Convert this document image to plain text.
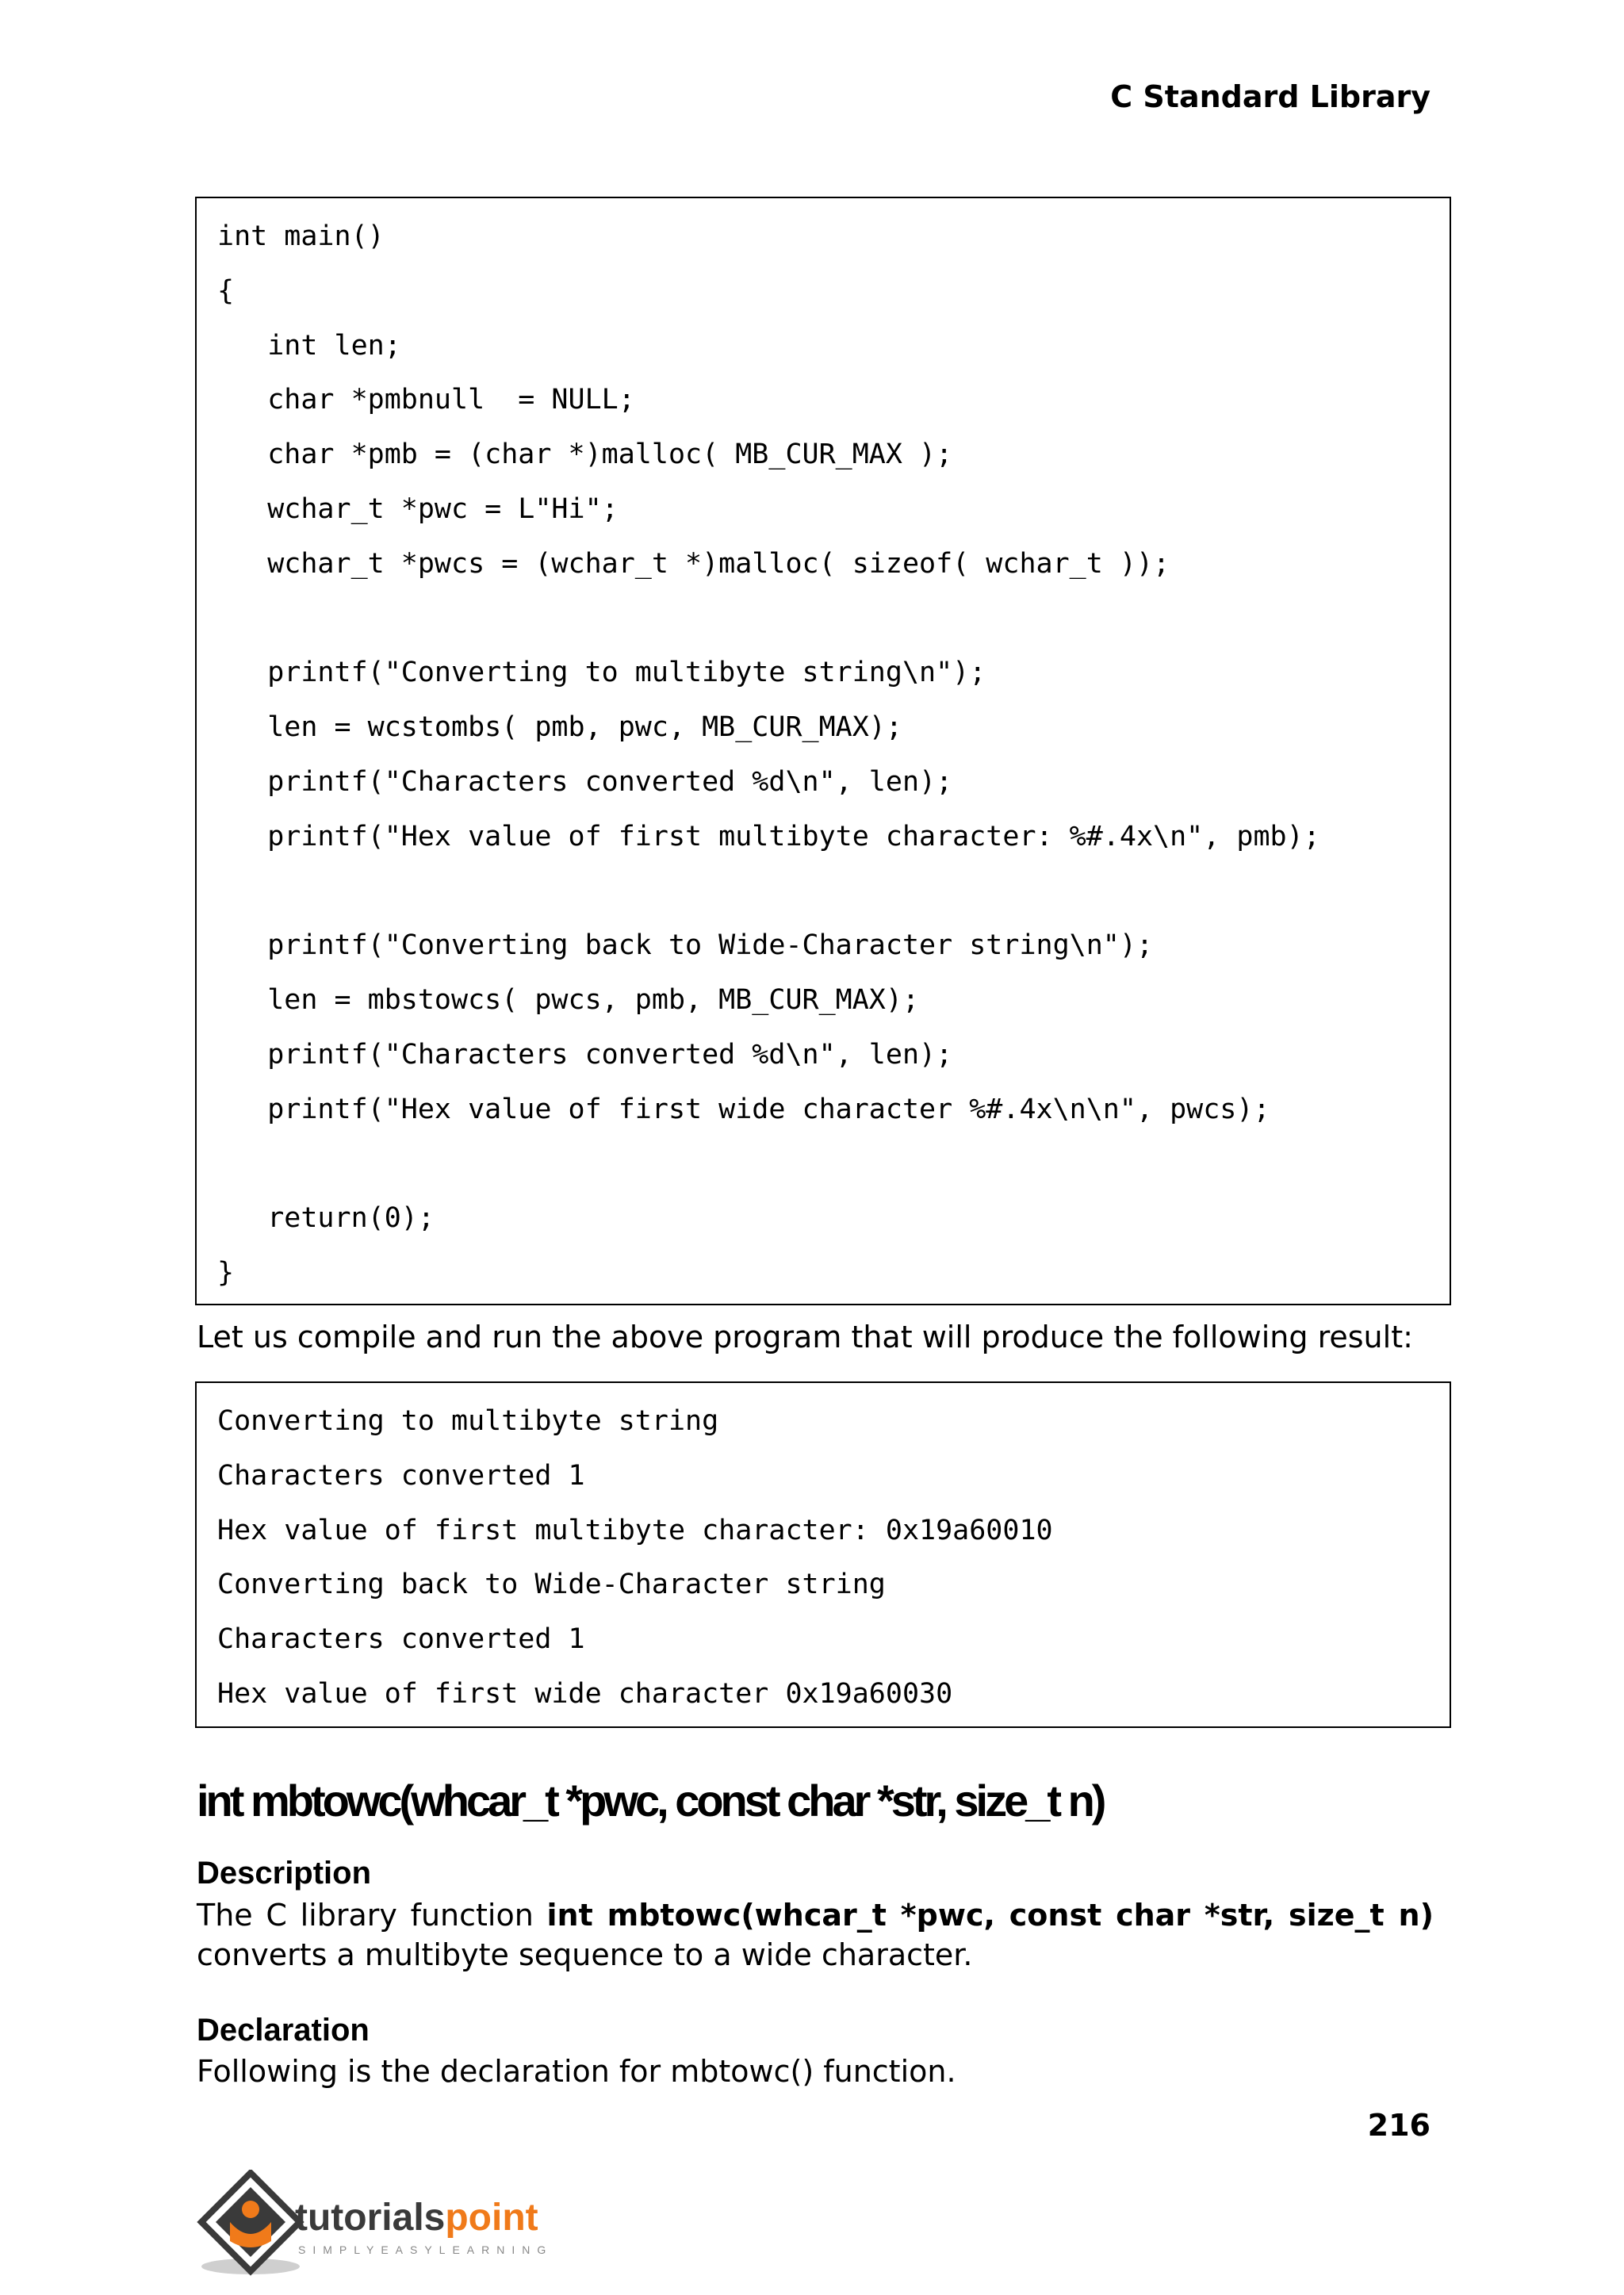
C Standard Library
int main()
{
int len;
char *pmbnull  = NULL;
char *pmb = (char *)malloc( MB_CUR_MAX );
wchar_t *pwc = L"Hi";
wchar_t *pwcs = (wchar_t *)malloc( sizeof( wchar_t ));
printf("Converting to multibyte string\n");
len = wcstombs( pmb, pwc, MB_CUR_MAX);
printf("Characters converted %d\n", len);
printf("Hex value of first multibyte character: %#.4x\n", pmb);
printf("Converting back to Wide-Character string\n");
len = mbstowcs( pwcs, pmb, MB_CUR_MAX);
printf("Characters converted %d\n", len);
printf("Hex value of first wide character %#.4x\n\n", pwcs);
return(0);
}

Let us compile and run the above program that will produce the following result:

Converting to multibyte string
Characters converted 1
Hex value of first multibyte character: 0x19a60010
Converting back to Wide-Character string
Characters converted 1
Hex value of first wide character 0x19a60030
int mbtowc(whcar_t *pwc, const char *str, size_t n)
Description

The C library function int mbtowc(whcar_t *pwc, const char *str, size_t n) converts a multibyte sequence to a wide character.

Declaration

Following is the declaration for mbtowc() function.

216

tutorialspoint
SIMPLYEASYLEARNING
